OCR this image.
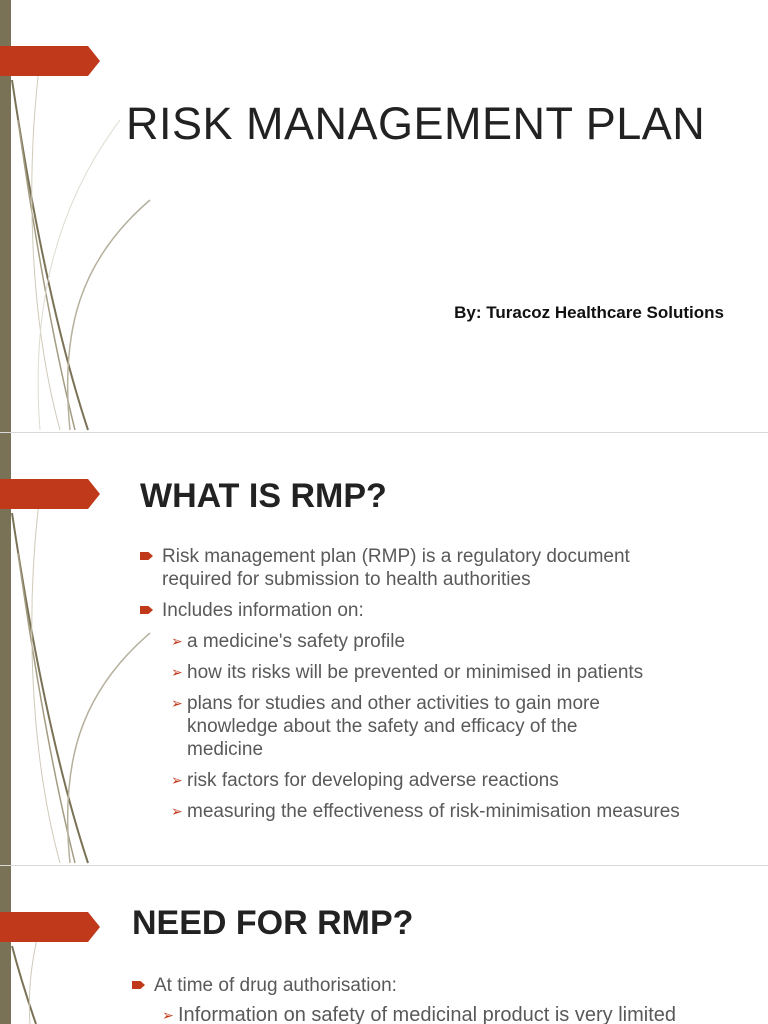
RISK MANAGEMENT PLAN
By: Turacoz Healthcare Solutions
WHAT IS RMP?
Risk management plan (RMP) is a regulatory document required for submission to health authorities
Includes information on:
➢ a medicine's safety profile
➢ how its risks will be prevented or minimised in patients
➢ plans for studies and other activities to gain more knowledge about the safety and efficacy of the medicine
➢ risk factors for developing adverse reactions
➢ measuring the effectiveness of risk-minimisation measures
NEED FOR RMP?
At time of drug authorisation:
➢ Information on safety of medicinal product is very limited
